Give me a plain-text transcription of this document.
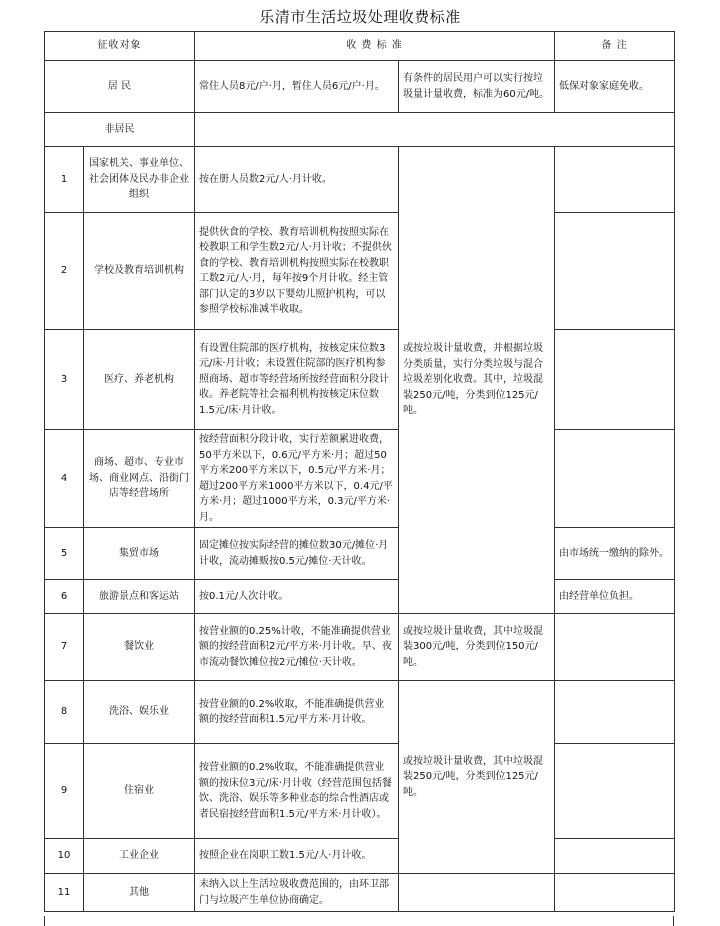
乐清市生活垃圾处理收费标准
征收对象		收 费 标 准		备 注
居 民		常住人员8元/户·月，暂住人员6元/户·月。	有条件的居民用户可以实行按垃圾量计量收费，标准为60元/吨。	低保对象家庭免收。
非居民				
1	国家机关、事业单位、社会团体及民办非企业组织	按在册人员数2元/人·月计收。	或按垃圾计量收费，并根据垃圾分类质量，实行分类垃圾与混合垃圾差别化收费。其中，垃圾混装250元/吨，分类到位125元/吨。	
2	学校及教育培训机构	提供伙食的学校、教育培训机构按照实际在校教职工和学生数2元/人·月计收；不提供伙食的学校、教育培训机构按照实际在校教职工数2元/人·月，每年按9个月计收。经主管部门认定的3岁以下婴幼儿照护机构，可以参照学校标准减半收取。		
3	医疗、养老机构	有设置住院部的医疗机构，按核定床位数3元/床·月计收；未设置住院部的医疗机构参照商场、超市等经营场所按经营面积分段计收。养老院等社会福利机构按核定床位数1.5元/床·月计收。		
4	商场、超市、专业市场、商业网点、沿街门店等经营场所	按经营面积分段计收，实行差额累进收费，50平方米以下，0.6元/平方米·月；超过50平方米200平方米以下，0.5元/平方米·月；超过200平方米1000平方米以下，0.4元/平方米·月；超过1000平方米，0.3元/平方米·月。		
5	集贸市场	固定摊位按实际经营的摊位数30元/摊位·月计收，流动摊贩按0.5元/摊位·天计收。		由市场统一缴纳的除外。
6	旅游景点和客运站	按0.1元/人次计收。		由经营单位负担。
7	餐饮业	按营业额的0.25%计收，不能准确提供营业额的按经营面积2元/平方米·月计收。早、夜市流动餐饮摊位按2元/摊位·天计收。	或按垃圾计量收费，其中垃圾混装300元/吨，分类到位150元/吨。	
8	洗浴、娱乐业	按营业额的0.2%收取，不能准确提供营业额的按经营面积1.5元/平方米·月计收。	或按垃圾计量收费，其中垃圾混装250元/吨，分类到位125元/吨。	
9	住宿业	按营业额的0.2%收取，不能准确提供营业额的按床位3元/床·月计收（经营范围包括餐饮、洗浴、娱乐等多种业态的综合性酒店或者民宿按经营面积1.5元/平方米·月计收）。		
10	工业企业	按照企业在岗职工数1.5元/人·月计收。		
11	其他	未纳入以上生活垃圾收费范围的，由环卫部门与垃圾产生单位协商确定。		
